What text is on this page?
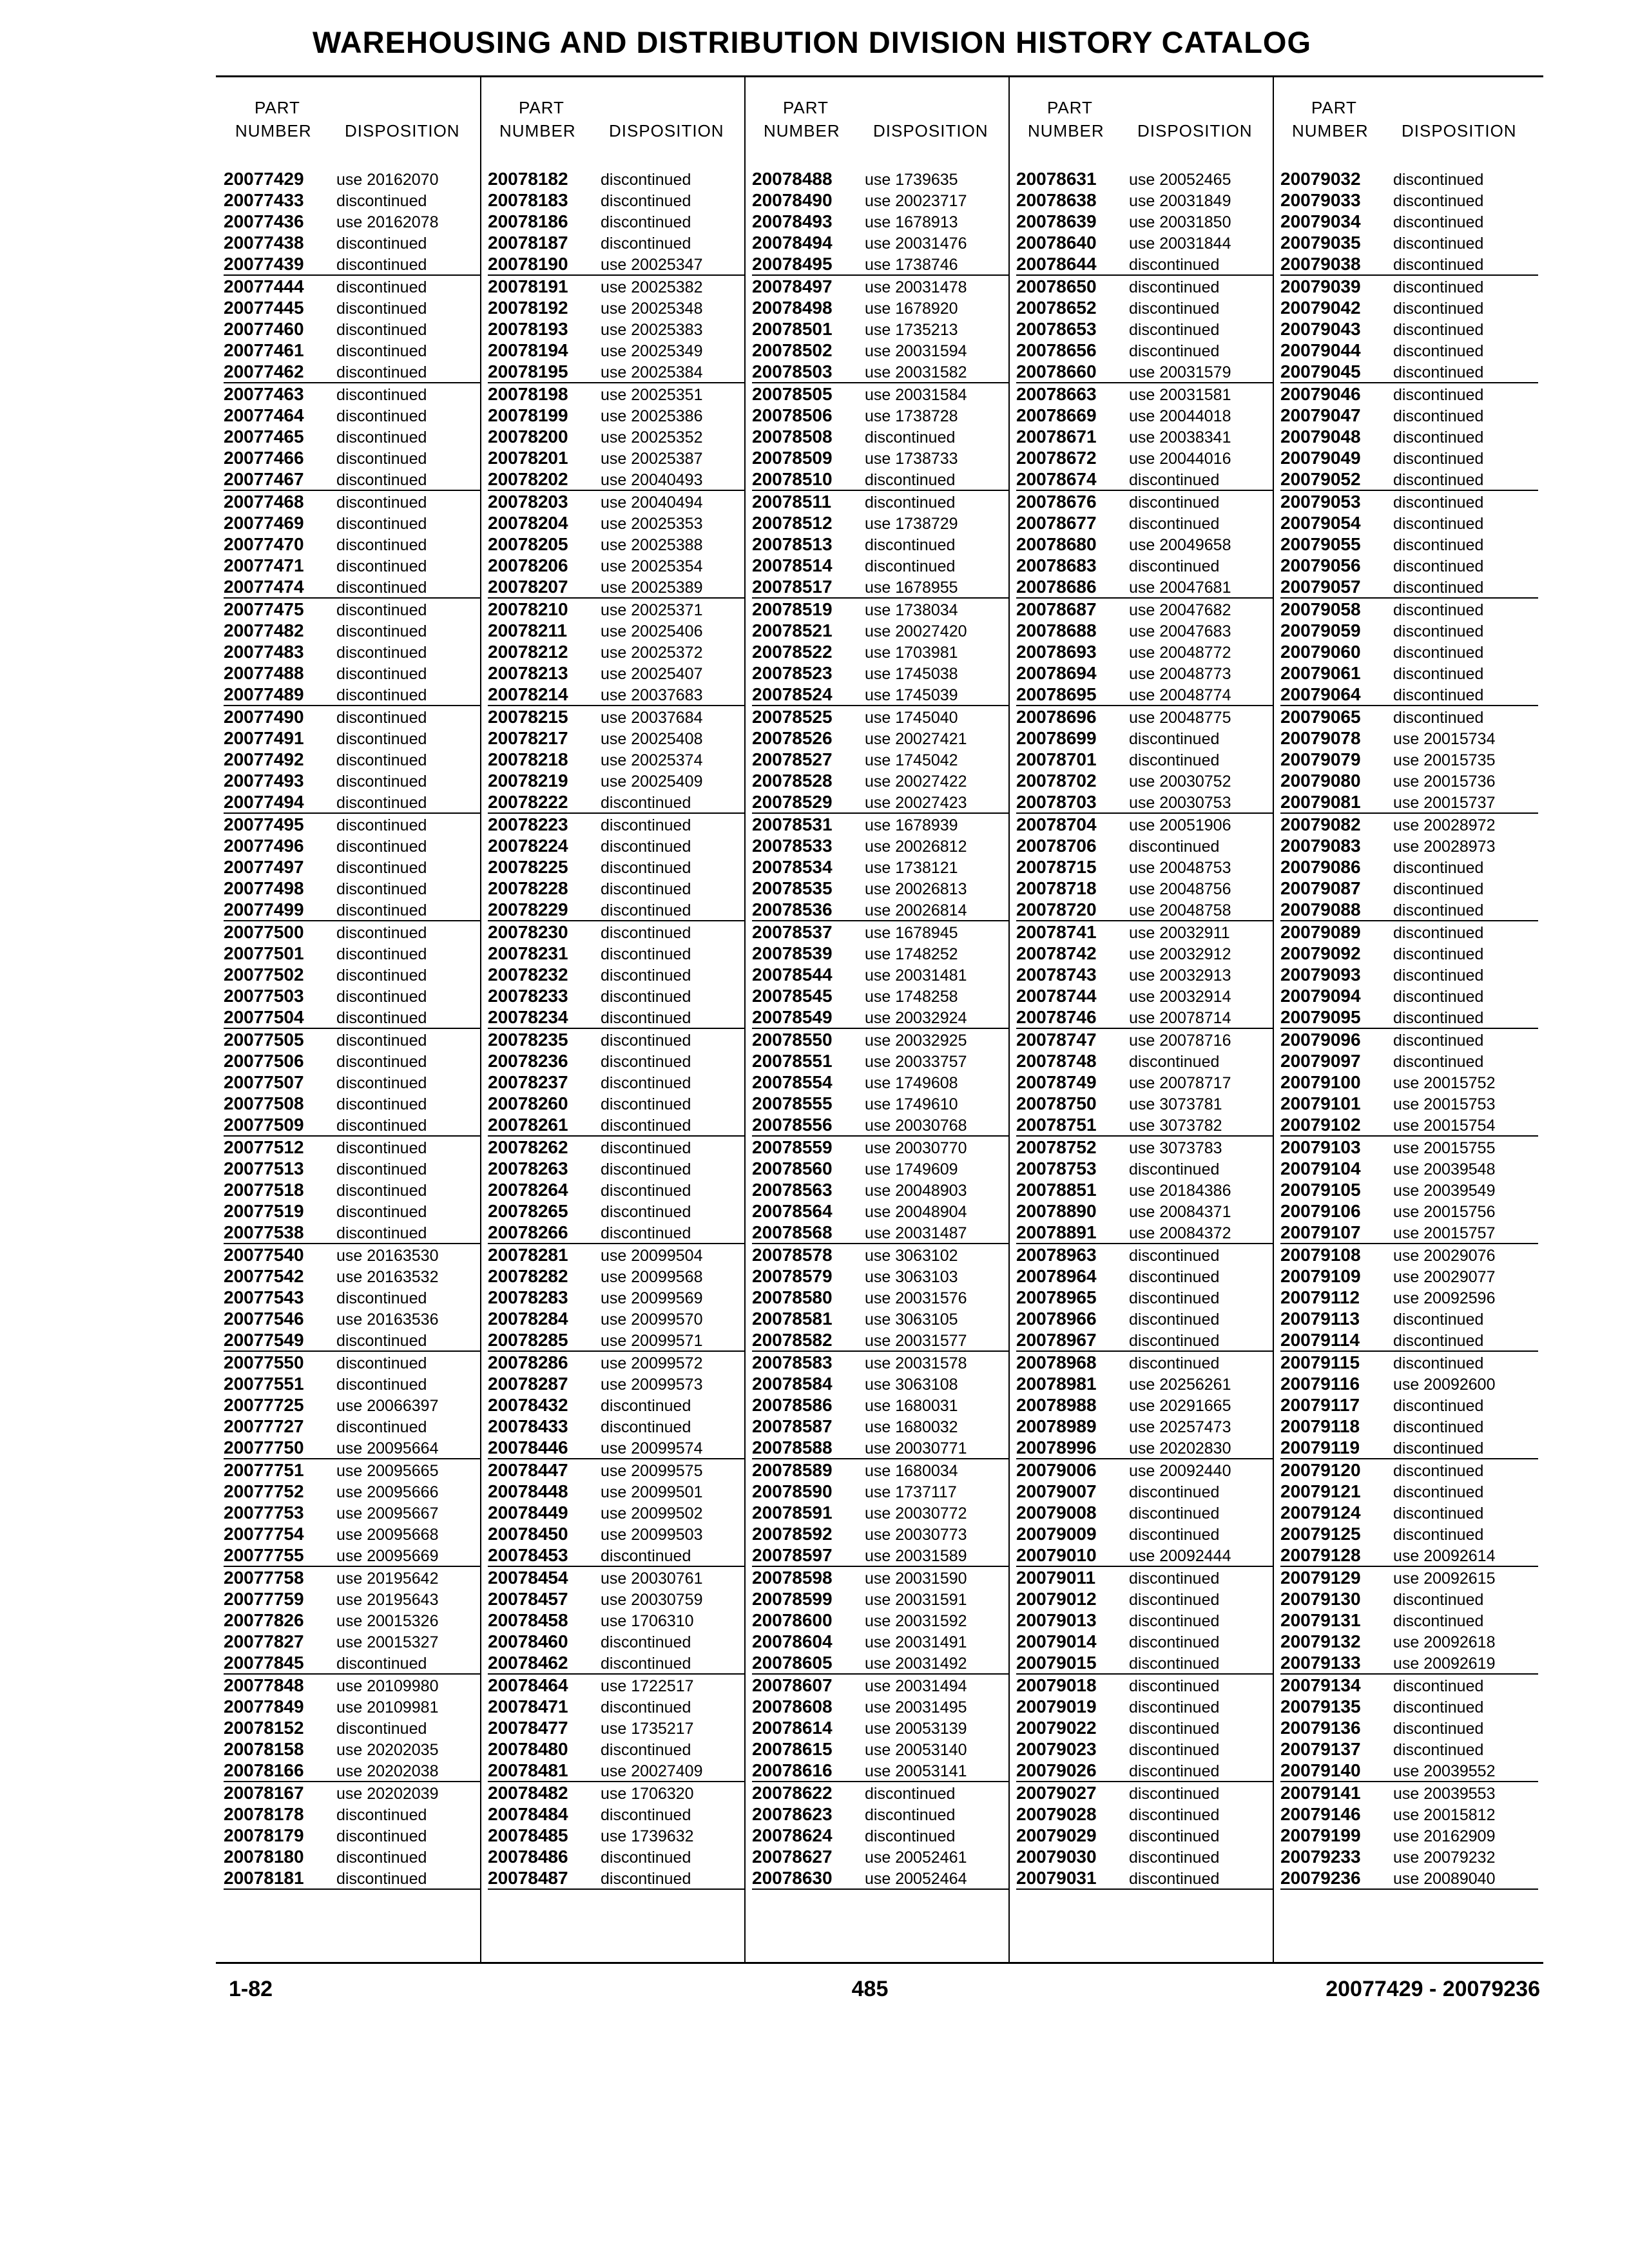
WAREHOUSING AND DISTRIBUTION DIVISION HISTORY CATALOG
PART
NUMBER DISPOSITION
20077429 use 20162070
20077433 discontinued
20077436 use 20162078
20077438 discontinued
20077439 discontinued
20077444 discontinued
20077445 discontinued
20077460 discontinued
20077461 discontinued
20077462 discontinued
20077463 discontinued
20077464 discontinued
20077465 discontinued
20077466 discontinued
20077467 discontinued
20077468 discontinued
20077469 discontinued
20077470 discontinued
20077471 discontinued
20077474 discontinued
20077475 discontinued
20077482 discontinued
20077483 discontinued
20077488 discontinued
20077489 discontinued
20077490 discontinued
20077491 discontinued
20077492 discontinued
20077493 discontinued
20077494 discontinued
20077495 discontinued
20077496 discontinued
20077497 discontinued
20077498 discontinued
20077499 discontinued
20077500 discontinued
20077501 discontinued
20077502 discontinued
20077503 discontinued
20077504 discontinued
20077505 discontinued
20077506 discontinued
20077507 discontinued
20077508 discontinued
20077509 discontinued
20077512 discontinued
20077513 discontinued
20077518 discontinued
20077519 discontinued
20077538 discontinued
20077540 use 20163530
20077542 use 20163532
20077543 discontinued
20077546 use 20163536
20077549 discontinued
20077550 discontinued
20077551 discontinued
20077725 use 20066397
20077727 discontinued
20077750 use 20095664
20077751 use 20095665
20077752 use 20095666
20077753 use 20095667
20077754 use 20095668
20077755 use 20095669
20077758 use 20195642
20077759 use 20195643
20077826 use 20015326
20077827 use 20015327
20077845 discontinued
20077848 use 20109980
20077849 use 20109981
20078152 discontinued
20078158 use 20202035
20078166 use 20202038
20078167 use 20202039
20078178 discontinued
20078179 discontinued
20078180 discontinued
20078181 discontinued
PART
NUMBER DISPOSITION
20078182 discontinued
20078183 discontinued
20078186 discontinued
20078187 discontinued
20078190 use 20025347
20078191 use 20025382
20078192 use 20025348
20078193 use 20025383
20078194 use 20025349
20078195 use 20025384
20078198 use 20025351
20078199 use 20025386
20078200 use 20025352
20078201 use 20025387
20078202 use 20040493
20078203 use 20040494
20078204 use 20025353
20078205 use 20025388
20078206 use 20025354
20078207 use 20025389
20078210 use 20025371
20078211 use 20025406
20078212 use 20025372
20078213 use 20025407
20078214 use 20037683
20078215 use 20037684
20078217 use 20025408
20078218 use 20025374
20078219 use 20025409
20078222 discontinued
20078223 discontinued
20078224 discontinued
20078225 discontinued
20078228 discontinued
20078229 discontinued
20078230 discontinued
20078231 discontinued
20078232 discontinued
20078233 discontinued
20078234 discontinued
20078235 discontinued
20078236 discontinued
20078237 discontinued
20078260 discontinued
20078261 discontinued
20078262 discontinued
20078263 discontinued
20078264 discontinued
20078265 discontinued
20078266 discontinued
20078281 use 20099504
20078282 use 20099568
20078283 use 20099569
20078284 use 20099570
20078285 use 20099571
20078286 use 20099572
20078287 use 20099573
20078432 discontinued
20078433 discontinued
20078446 use 20099574
20078447 use 20099575
20078448 use 20099501
20078449 use 20099502
20078450 use 20099503
20078453 discontinued
20078454 use 20030761
20078457 use 20030759
20078458 use 1706310
20078460 discontinued
20078462 discontinued
20078464 use 1722517
20078471 discontinued
20078477 use 1735217
20078480 discontinued
20078481 use 20027409
20078482 use 1706320
20078484 discontinued
20078485 use 1739632
20078486 discontinued
20078487 discontinued
PART
NUMBER DISPOSITION
20078488 use 1739635
20078490 use 20023717
20078493 use 1678913
20078494 use 20031476
20078495 use 1738746
20078497 use 20031478
20078498 use 1678920
20078501 use 1735213
20078502 use 20031594
20078503 use 20031582
20078505 use 20031584
20078506 use 1738728
20078508 discontinued
20078509 use 1738733
20078510 discontinued
20078511 discontinued
20078512 use 1738729
20078513 discontinued
20078514 discontinued
20078517 use 1678955
20078519 use 1738034
20078521 use 20027420
20078522 use 1703981
20078523 use 1745038
20078524 use 1745039
20078525 use 1745040
20078526 use 20027421
20078527 use 1745042
20078528 use 20027422
20078529 use 20027423
20078531 use 1678939
20078533 use 20026812
20078534 use 1738121
20078535 use 20026813
20078536 use 20026814
20078537 use 1678945
20078539 use 1748252
20078544 use 20031481
20078545 use 1748258
20078549 use 20032924
20078550 use 20032925
20078551 use 20033757
20078554 use 1749608
20078555 use 1749610
20078556 use 20030768
20078559 use 20030770
20078560 use 1749609
20078563 use 20048903
20078564 use 20048904
20078568 use 20031487
20078578 use 3063102
20078579 use 3063103
20078580 use 20031576
20078581 use 3063105
20078582 use 20031577
20078583 use 20031578
20078584 use 3063108
20078586 use 1680031
20078587 use 1680032
20078588 use 20030771
20078589 use 1680034
20078590 use 1737117
20078591 use 20030772
20078592 use 20030773
20078597 use 20031589
20078598 use 20031590
20078599 use 20031591
20078600 use 20031592
20078604 use 20031491
20078605 use 20031492
20078607 use 20031494
20078608 use 20031495
20078614 use 20053139
20078615 use 20053140
20078616 use 20053141
20078622 discontinued
20078623 discontinued
20078624 discontinued
20078627 use 20052461
20078630 use 20052464
PART
NUMBER DISPOSITION
20078631 use 20052465
20078638 use 20031849
20078639 use 20031850
20078640 use 20031844
20078644 discontinued
20078650 discontinued
20078652 discontinued
20078653 discontinued
20078656 discontinued
20078660 use 20031579
20078663 use 20031581
20078669 use 20044018
20078671 use 20038341
20078672 use 20044016
20078674 discontinued
20078676 discontinued
20078677 discontinued
20078680 use 20049658
20078683 discontinued
20078686 use 20047681
20078687 use 20047682
20078688 use 20047683
20078693 use 20048772
20078694 use 20048773
20078695 use 20048774
20078696 use 20048775
20078699 discontinued
20078701 discontinued
20078702 use 20030752
20078703 use 20030753
20078704 use 20051906
20078706 discontinued
20078715 use 20048753
20078718 use 20048756
20078720 use 20048758
20078741 use 20032911
20078742 use 20032912
20078743 use 20032913
20078744 use 20032914
20078746 use 20078714
20078747 use 20078716
20078748 discontinued
20078749 use 20078717
20078750 use 3073781
20078751 use 3073782
20078752 use 3073783
20078753 discontinued
20078851 use 20184386
20078890 use 20084371
20078891 use 20084372
20078963 discontinued
20078964 discontinued
20078965 discontinued
20078966 discontinued
20078967 discontinued
20078968 discontinued
20078981 use 20256261
20078988 use 20291665
20078989 use 20257473
20078996 use 20202830
20079006 use 20092440
20079007 discontinued
20079008 discontinued
20079009 discontinued
20079010 use 20092444
20079011 discontinued
20079012 discontinued
20079013 discontinued
20079014 discontinued
20079015 discontinued
20079018 discontinued
20079019 discontinued
20079022 discontinued
20079023 discontinued
20079026 discontinued
20079027 discontinued
20079028 discontinued
20079029 discontinued
20079030 discontinued
20079031 discontinued
PART
NUMBER DISPOSITION
20079032 discontinued
20079033 discontinued
20079034 discontinued
20079035 discontinued
20079038 discontinued
20079039 discontinued
20079042 discontinued
20079043 discontinued
20079044 discontinued
20079045 discontinued
20079046 discontinued
20079047 discontinued
20079048 discontinued
20079049 discontinued
20079052 discontinued
20079053 discontinued
20079054 discontinued
20079055 discontinued
20079056 discontinued
20079057 discontinued
20079058 discontinued
20079059 discontinued
20079060 discontinued
20079061 discontinued
20079064 discontinued
20079065 discontinued
20079078 use 20015734
20079079 use 20015735
20079080 use 20015736
20079081 use 20015737
20079082 use 20028972
20079083 use 20028973
20079086 discontinued
20079087 discontinued
20079088 discontinued
20079089 discontinued
20079092 discontinued
20079093 discontinued
20079094 discontinued
20079095 discontinued
20079096 discontinued
20079097 discontinued
20079100 use 20015752
20079101 use 20015753
20079102 use 20015754
20079103 use 20015755
20079104 use 20039548
20079105 use 20039549
20079106 use 20015756
20079107 use 20015757
20079108 use 20029076
20079109 use 20029077
20079112 use 20092596
20079113 discontinued
20079114 discontinued
20079115 discontinued
20079116 use 20092600
20079117 discontinued
20079118 discontinued
20079119 discontinued
20079120 discontinued
20079121 discontinued
20079124 discontinued
20079125 discontinued
20079128 use 20092614
20079129 use 20092615
20079130 discontinued
20079131 discontinued
20079132 use 20092618
20079133 use 20092619
20079134 discontinued
20079135 discontinued
20079136 discontinued
20079137 discontinued
20079140 use 20039552
20079141 use 20039553
20079146 use 20015812
20079199 use 20162909
20079233 use 20079232
20079236 use 20089040
1-82	485	20077429 - 20079236
